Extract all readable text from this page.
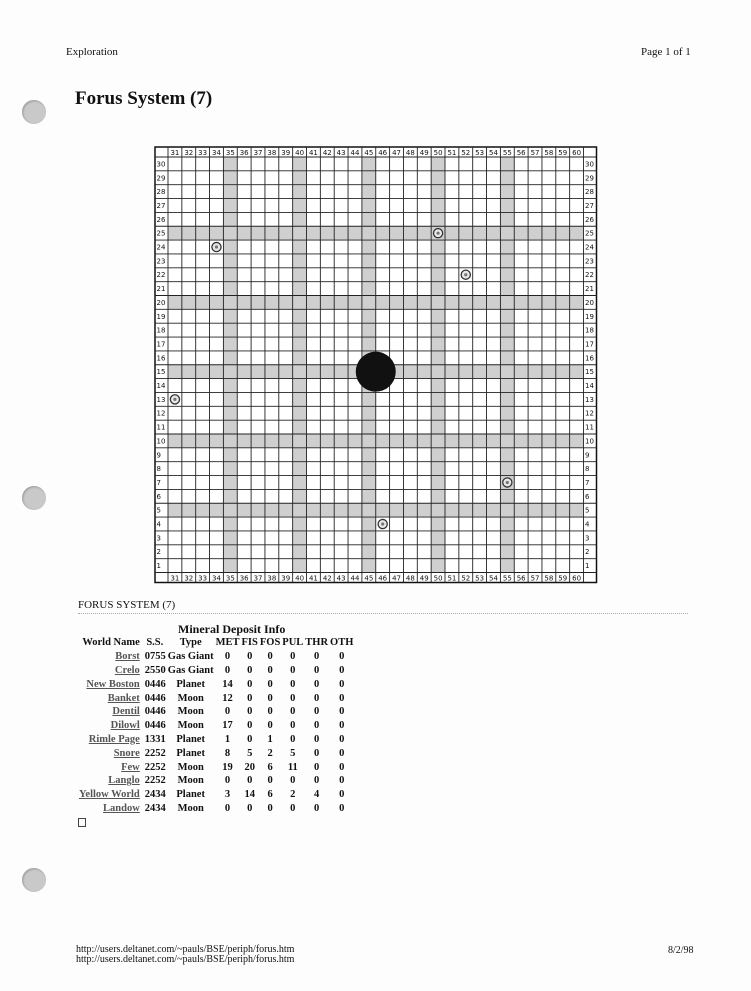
Exploration	Page 1 of 1
Forus System (7)
31
31
32
32
33
33
34
34
35
35
36
36
37
37
38
38
39
39
40
40
41
41
42
42
43
43
44
44
45
45
46
46
47
47
48
48
49
49
50
50
51
51
52
52
53
53
54
54
55
55
56
56
57
57
58
58
59
59
60
60
1	1
2	2
3	3
4	4
5	5
6	6
7	7
8	8
9	9
10	10
11	11
12	12
13	13
14	14
15	15
16	16
17	17
18	18
19	19
20	20
21	21
22	22
23	23
24	24
25	25
26	26
27	27
28	28
29	29
30	30
FORUS SYSTEM (7)
Mineral Deposit Info
World Name	S.S.	Type	MET	FIS	FOS	PUL	THR	OTH
Borst	0755	Gas Giant	0	0	0	0	0	0
Crelo	2550	Gas Giant	0	0	0	0	0	0
New Boston	0446	Planet	14	0	0	0	0	0
Banket	0446	Moon	12	0	0	0	0	0
Dentil	0446	Moon	0	0	0	0	0	0
Dilowl	0446	Moon	17	0	0	0	0	0
Rimle Page	1331	Planet	1	0	1	0	0	0
Snore	2252	Planet	8	5	2	5	0	0
Few	2252	Moon	19	20	6	11	0	0
Langlo	2252	Moon	0	0	0	0	0	0
Yellow World	2434	Planet	3	14	6	2	4	0
Landow	2434	Moon	0	0	0	0	0	0
http://users.deltanet.com/~pauls/BSE/periph/forus.htm
http://users.deltanet.com/~pauls/BSE/periph/forus.htm
8/2/98
